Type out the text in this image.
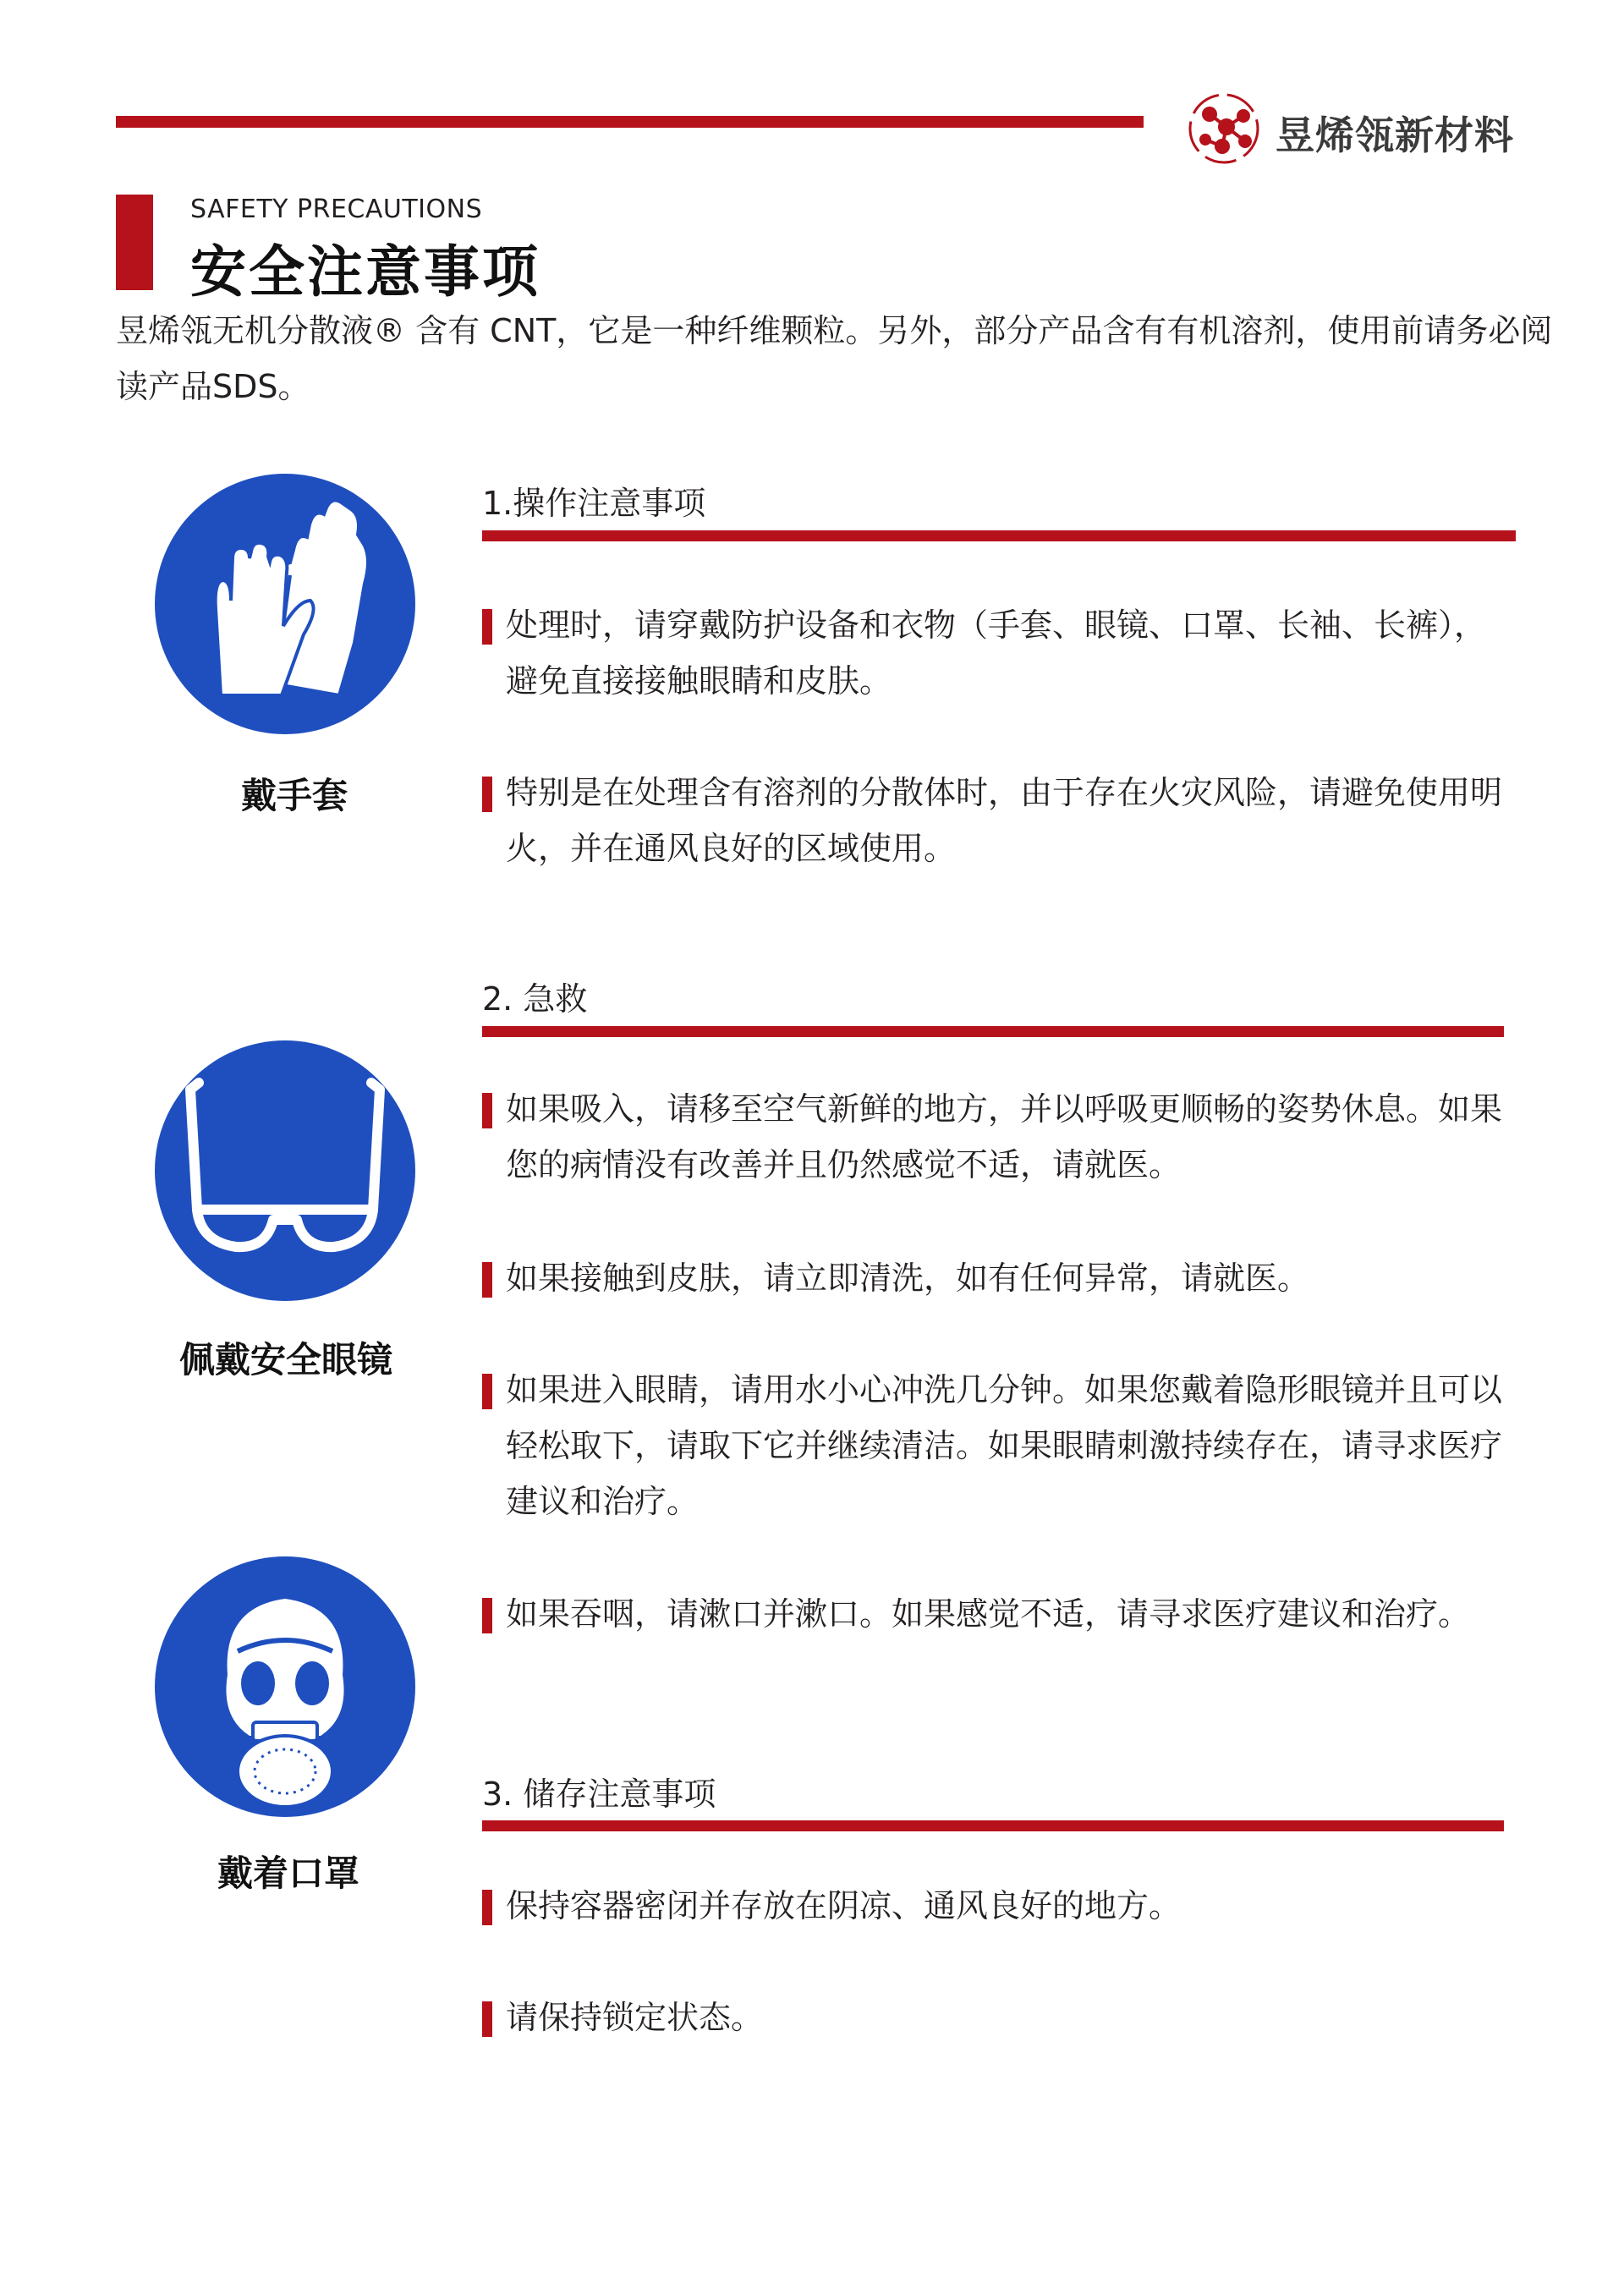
昱烯瓴新材料
SAFETY PRECAUTIONS
安全注意事项
昱烯瓴无机分散液® 含有 CNT，它是一种纤维颗粒。另外，部分产品含有有机溶剂，使用前请务必阅读产品SDS。
戴手套
佩戴安全眼镜
戴着口罩
1.操作注意事项
处理时，请穿戴防护设备和衣物（手套、眼镜、口罩、长袖、长裤），避免直接接触眼睛和皮肤。
特别是在处理含有溶剂的分散体时，由于存在火灾风险，请避免使用明火，并在通风良好的区域使用。
2. 急救
如果吸入，请移至空气新鲜的地方，并以呼吸更顺畅的姿势休息。如果您的病情没有改善并且仍然感觉不适，请就医。
如果接触到皮肤，请立即清洗，如有任何异常，请就医。
如果进入眼睛，请用水小心冲洗几分钟。如果您戴着隐形眼镜并且可以轻松取下，请取下它并继续清洁。如果眼睛刺激持续存在，请寻求医疗建议和治疗。
如果吞咽，请漱口并漱口。如果感觉不适，请寻求医疗建议和治疗。
3. 储存注意事项
保持容器密闭并存放在阴凉、通风良好的地方。
请保持锁定状态。
